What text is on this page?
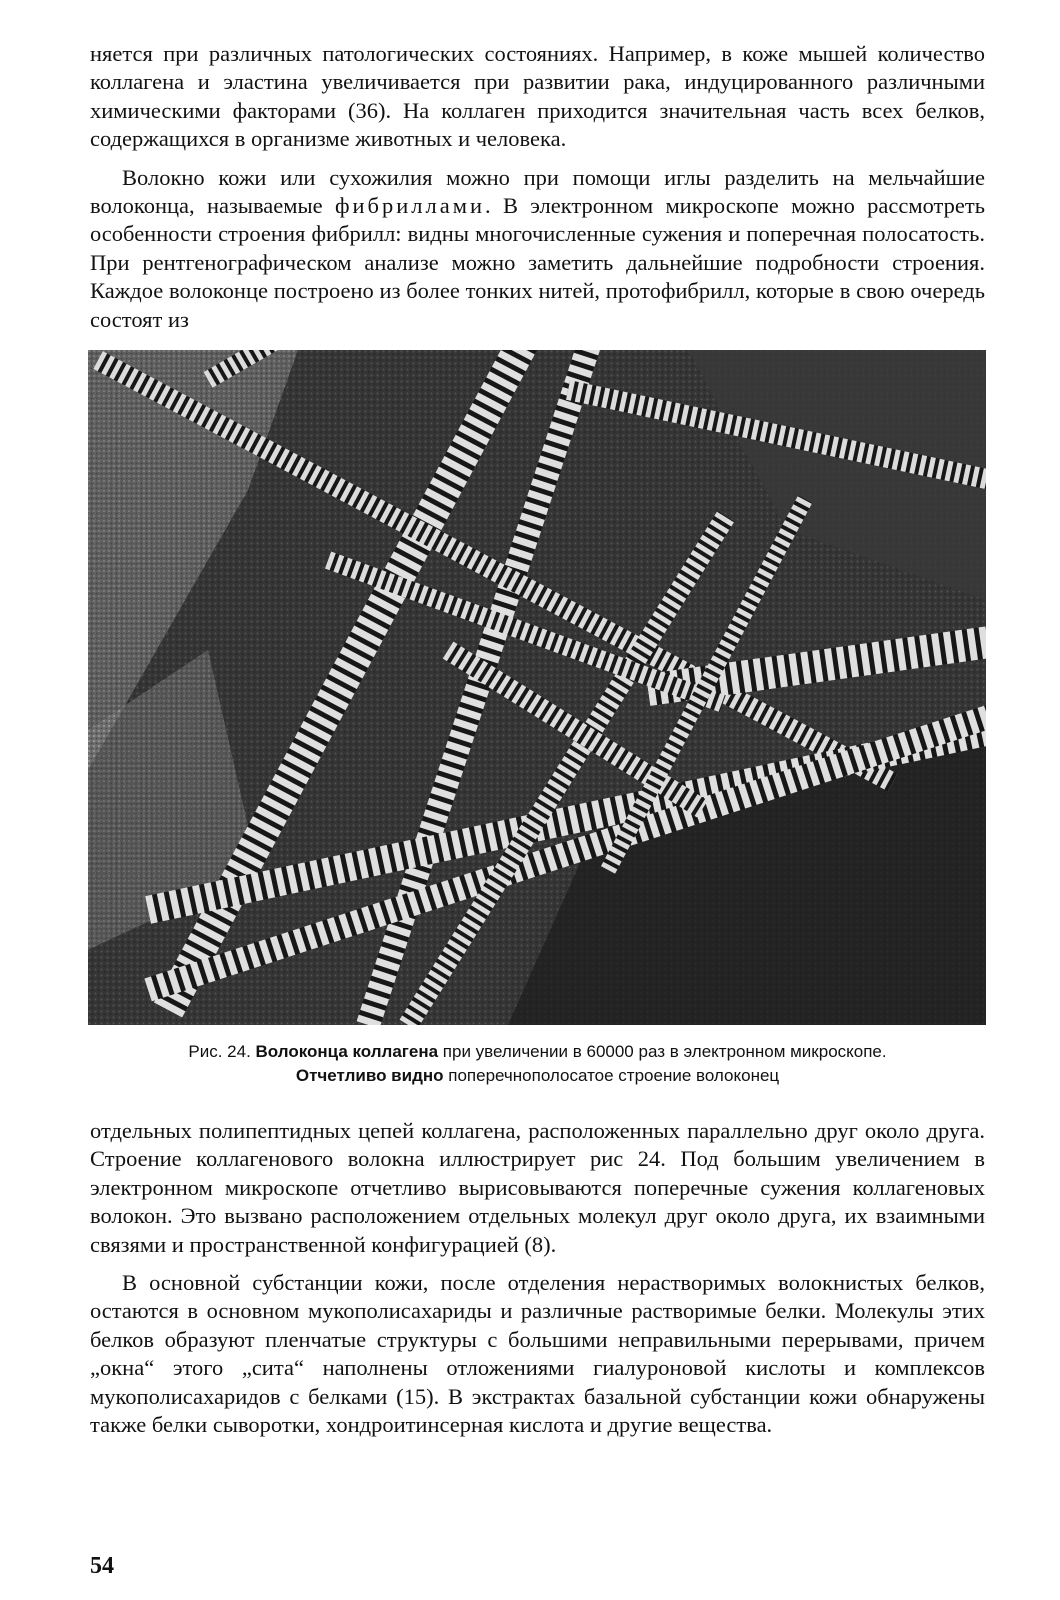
няется при различных патологических состояниях. Например, в коже мышей количество коллагена и эластина увеличивается при развитии рака, индуцированного различными химическими факторами (36). На коллаген приходится значительная часть всех белков, содержащихся в организме животных и человека.

Волокно кожи или сухожилия можно при помощи иглы разделить на мельчайшие волоконца, называемые фибриллами. В электронном микроскопе можно рассмотреть особенности строения фибрилл: видны многочисленные сужения и поперечная полосатость. При рентгенографическом анализе можно заметить дальнейшие подробности строения. Каждое волоконце построено из более тонких нитей, протофибрилл, которые в свою очередь состоят из

Рис. 24. Волоконца коллагена при увеличении в 60000 раз в электронном микроскопе.
Отчетливо видно поперечнополосатое строение волоконец

отдельных полипептидных цепей коллагена, расположенных параллельно друг около друга. Строение коллагенового волокна иллюстрирует рис 24. Под большим увеличением в электронном микроскопе отчетливо вырисовываются поперечные сужения коллагеновых волокон. Это вызвано расположением отдельных молекул друг около друга, их взаимными связями и пространственной конфигурацией (8).

В основной субстанции кожи, после отделения нерастворимых волокнистых белков, остаются в основном мукополисахариды и различные растворимые белки. Молекулы этих белков образуют пленчатые структуры с большими неправильными перерывами, причем „окна“ этого „сита“ наполнены отложениями гиалуроновой кислоты и комплексов мукополисахаридов с белками (15). В экстрактах базальной субстанции кожи обнаружены также белки сыворотки, хондроитинсерная кислота и другие вещества.

54
